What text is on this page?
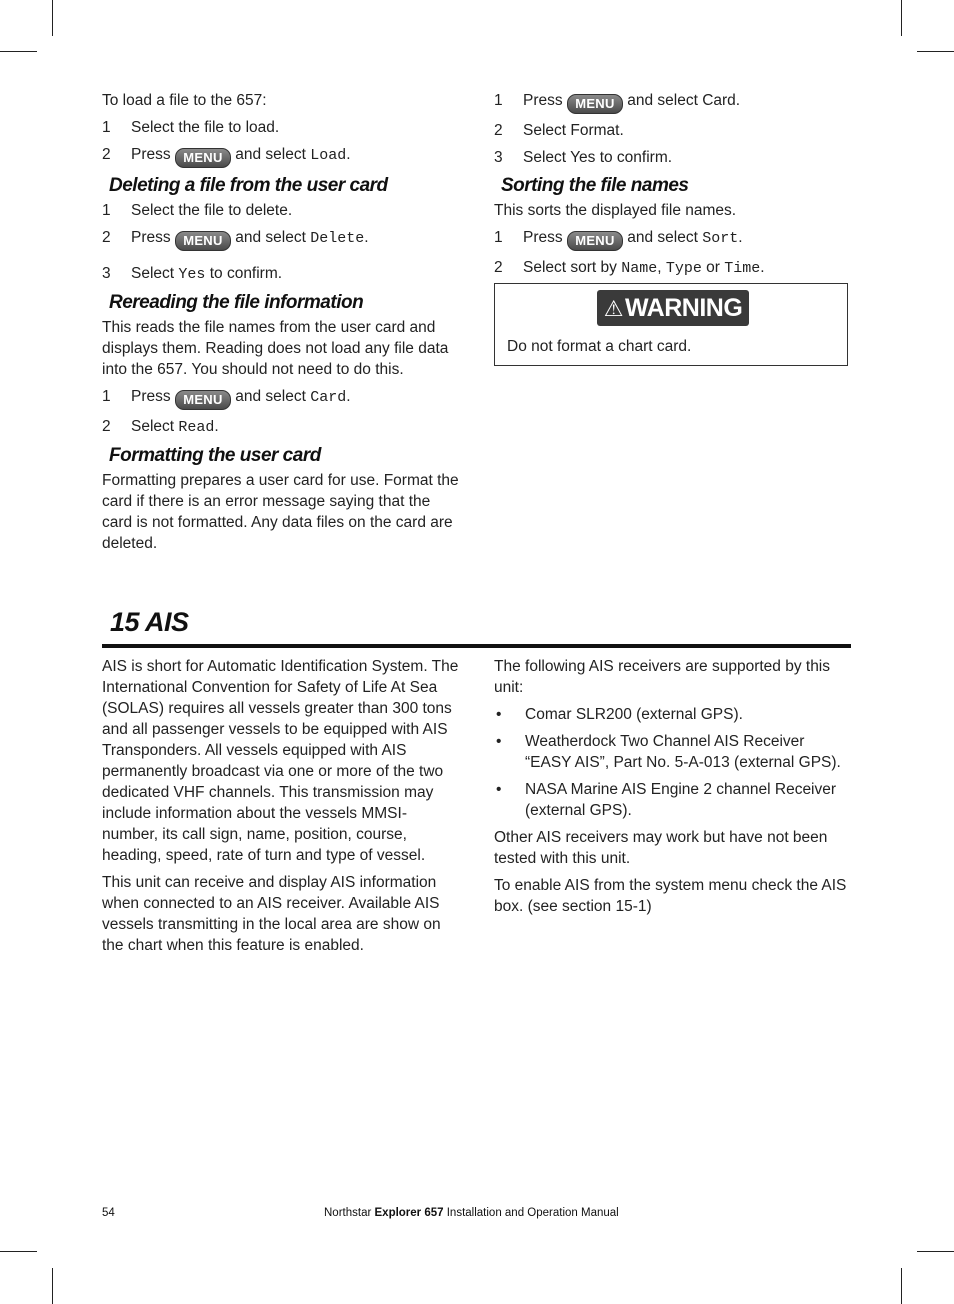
To load a file to the 657:

1	Select the file to load.
2	Press MENU and select Load.
Deleting a file from the user card
1	Select the file to delete.
2	Press MENU and select Delete.
3	Select Yes to confirm.
Rereading the file information

This reads the file names from the user card and displays them. Reading does not load any file data into the 657. You should not need to do this.

1	Press MENU and select Card.
2	Select Read.
Formatting the user card

Formatting prepares a user card for use. Format the card if there is an error message saying that the card is not formatted. Any data files on the card are deleted.

1	Press MENU and select Card.
2	Select Format.
3	Select Yes to confirm.
Sorting the file names

This sorts the displayed file names.

1	Press MENU and select Sort.
2	Select sort by Name, Type or Time.
⚠WARNING
Do not format a chart card.
15 AIS

AIS is short for Automatic Identification System. The International Convention for Safety of Life At Sea (SOLAS) requires all vessels greater than 300 tons and all passenger vessels to be equipped with AIS Transponders. All vessels equipped with AIS permanently broadcast via one or more of the two dedicated VHF channels. This transmission may include information about the vessels MMSI-number, its call sign, name, position, course, heading, speed, rate of turn and type of vessel.

This unit can receive and display AIS information when connected to an AIS receiver. Available AIS vessels transmitting in the local area are show on the chart when this feature is enabled.

The following AIS receivers are supported by this unit:

•	Comar SLR200 (external GPS).
•	Weatherdock Two Channel AIS Receiver “EASY AIS”, Part No. 5-A-013 (external GPS).
•	NASA Marine AIS Engine 2 channel Receiver (external GPS).

Other AIS receivers may work but have not been tested with this unit.

To enable AIS from the system menu check the AIS box. (see section 15-1)

54	Northstar Explorer 657 Installation and Operation Manual
